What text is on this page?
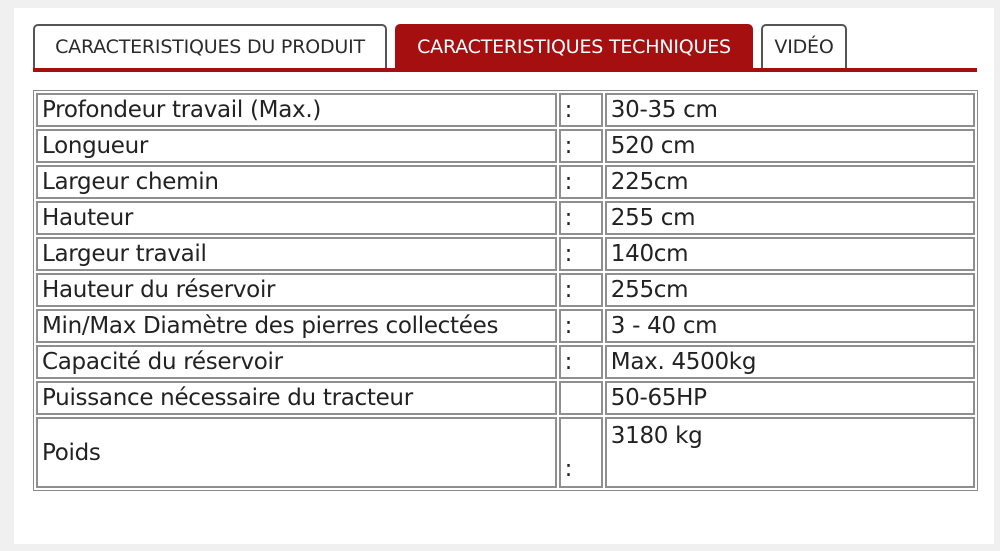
CARACTERISTIQUES DU PRODUIT	CARACTERISTIQUES TECHNIQUES	VIDÉO
Profondeur travail (Max.)	:	30-35 cm
Longueur	:	520 cm
Largeur chemin	:	225cm
Hauteur	:	255 cm
Largeur travail	:	140cm
Hauteur du réservoir	:	255cm
Min/Max Diamètre des pierres collectées	:	3 - 40 cm
Capacité du réservoir	:	Max. 4500kg
Puissance nécessaire du tracteur		50-65HP
Poids	:	3180 kg
